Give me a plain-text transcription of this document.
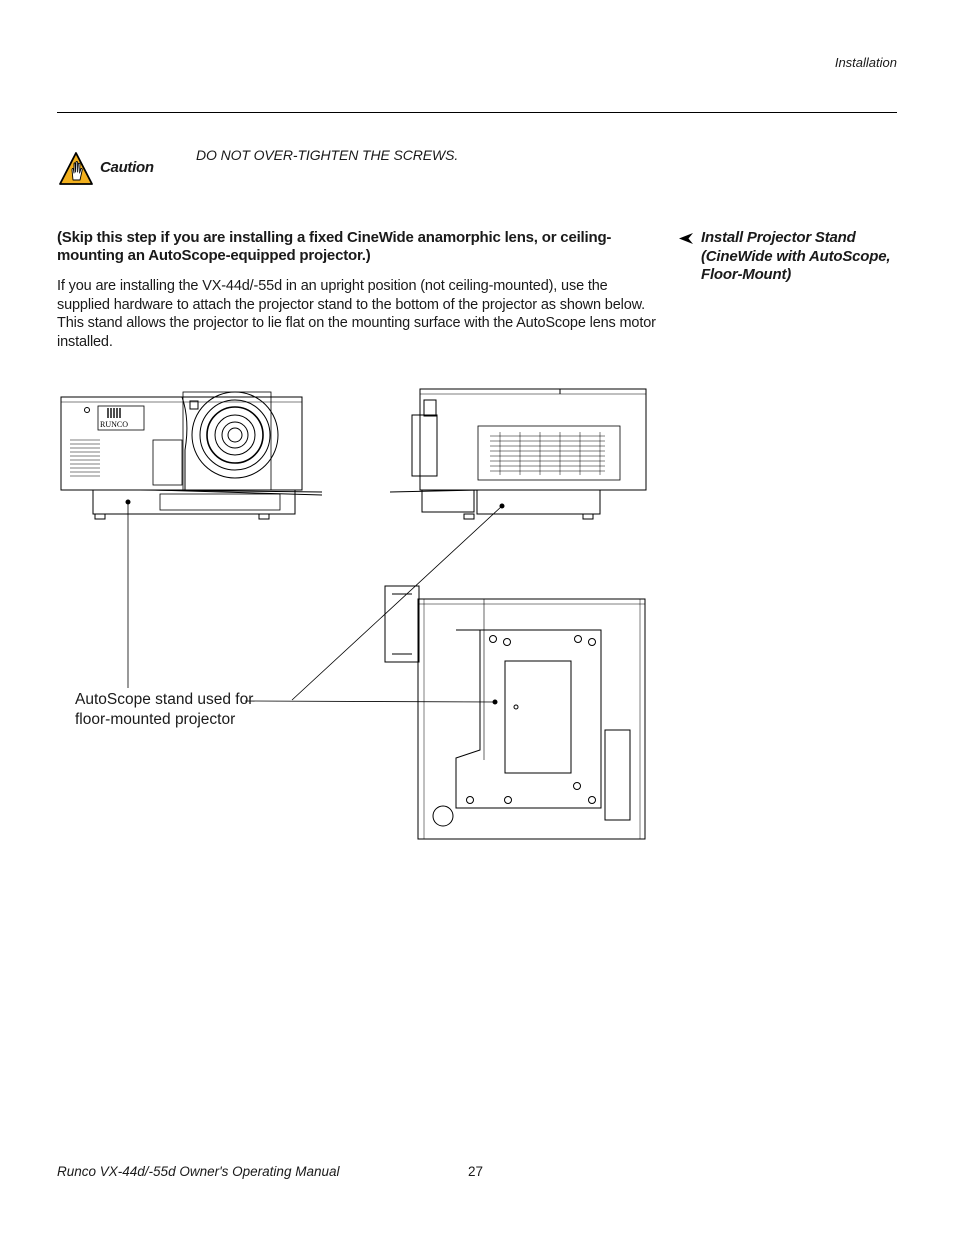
Installation
Caution
DO NOT OVER-TIGHTEN THE SCREWS.
(Skip this step if you are installing a fixed CineWide anamorphic lens, or ceiling-mounting an AutoScope-equipped projector.)
If you are installing the VX-44d/-55d in an upright position (not ceiling-mounted), use the supplied hardware to attach the projector stand to the bottom of the projector as shown below. This stand allows the projector to lie flat on the mounting surface with the AutoScope lens motor installed.
Install Projector Stand (CineWide with AutoScope, Floor-Mount)
RUNCO
AutoScope stand used for floor-mounted projector
Runco VX-44d/-55d Owner's Operating Manual	27
